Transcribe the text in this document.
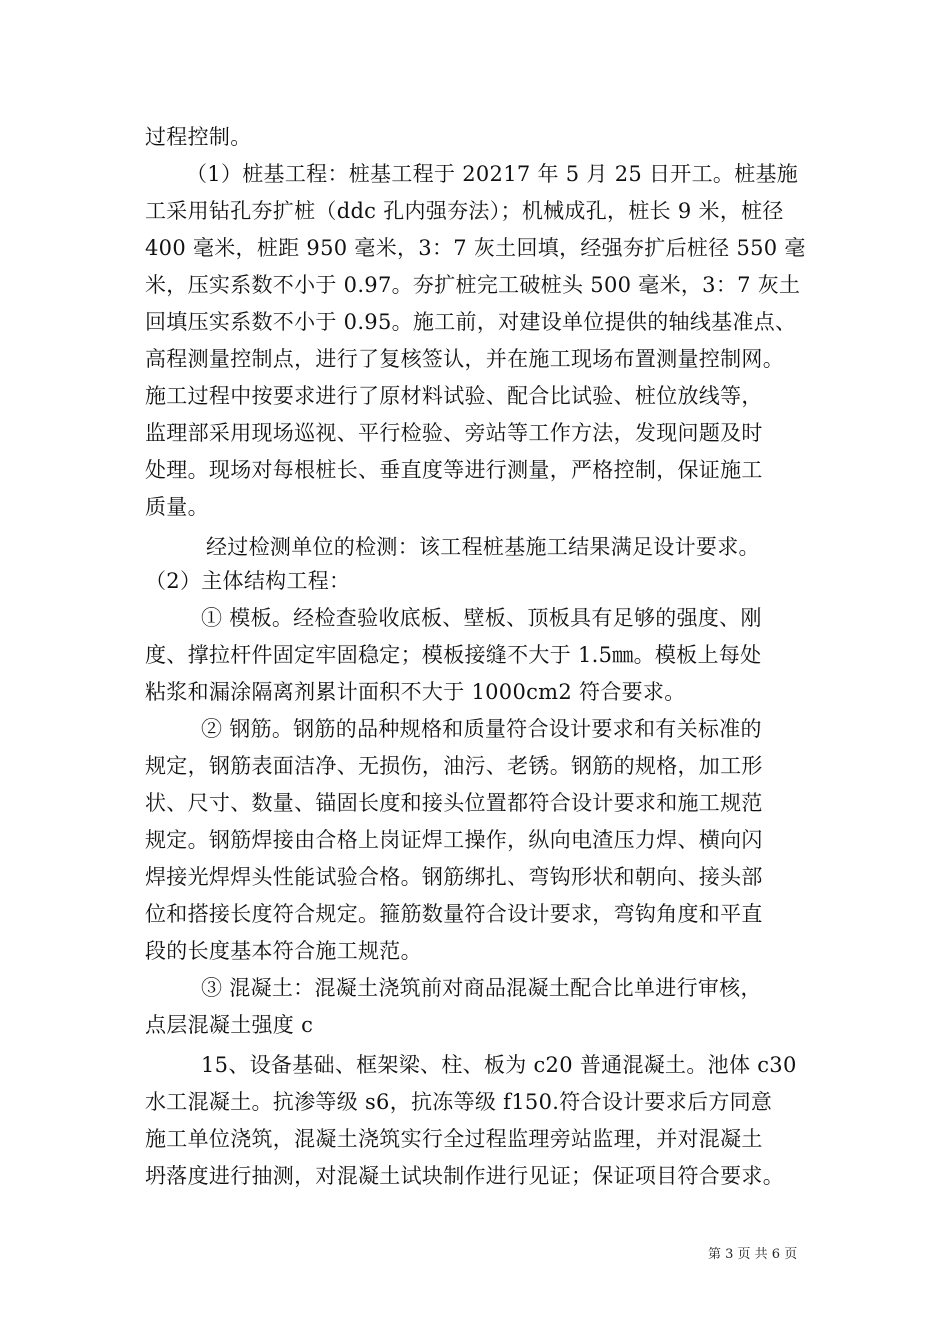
过程控制。
（1）桩基工程：桩基工程于 20217 年 5 月 25 日开工。桩基施
工采用钻孔夯扩桩（ddc 孔内强夯法）；机械成孔，桩长 9 米，桩径
400 毫米，桩距 950 毫米，3：7 灰土回填，经强夯扩后桩径 550 毫
米，压实系数不小于 0.97。夯扩桩完工破桩头 500 毫米，3：7 灰土
回填压实系数不小于 0.95。施工前，对建设单位提供的轴线基准点、
高程测量控制点，进行了复核签认，并在施工现场布置测量控制网。
施工过程中按要求进行了原材料试验、配合比试验、桩位放线等，
监理部采用现场巡视、平行检验、旁站等工作方法，发现问题及时
处理。现场对每根桩长、垂直度等进行测量，严格控制，保证施工
质量。
经过检测单位的检测：该工程桩基施工结果满足设计要求。
（2）主体结构工程：
① 模板。经检查验收底板、壁板、顶板具有足够的强度、刚
度、撑拉杆件固定牢固稳定；模板接缝不大于 1.5㎜。模板上每处
粘浆和漏涂隔离剂累计面积不大于 1000cm2 符合要求。
② 钢筋。钢筋的品种规格和质量符合设计要求和有关标准的
规定，钢筋表面洁净、无损伤，油污、老锈。钢筋的规格，加工形
状、尺寸、数量、锚固长度和接头位置都符合设计要求和施工规范
规定。钢筋焊接由合格上岗证焊工操作，纵向电渣压力焊、横向闪
焊接光焊焊头性能试验合格。钢筋绑扎、弯钩形状和朝向、接头部
位和搭接长度符合规定。箍筋数量符合设计要求，弯钩角度和平直
段的长度基本符合施工规范。
③ 混凝土：混凝土浇筑前对商品混凝土配合比单进行审核，
点层混凝土强度 c
15、设备基础、框架梁、柱、板为 c20 普通混凝土。池体 c30
水工混凝土。抗渗等级 s6，抗冻等级 f150.符合设计要求后方同意
施工单位浇筑，混凝土浇筑实行全过程监理旁站监理，并对混凝土
坍落度进行抽测，对混凝土试块制作进行见证；保证项目符合要求。
第 3 页 共 6 页
